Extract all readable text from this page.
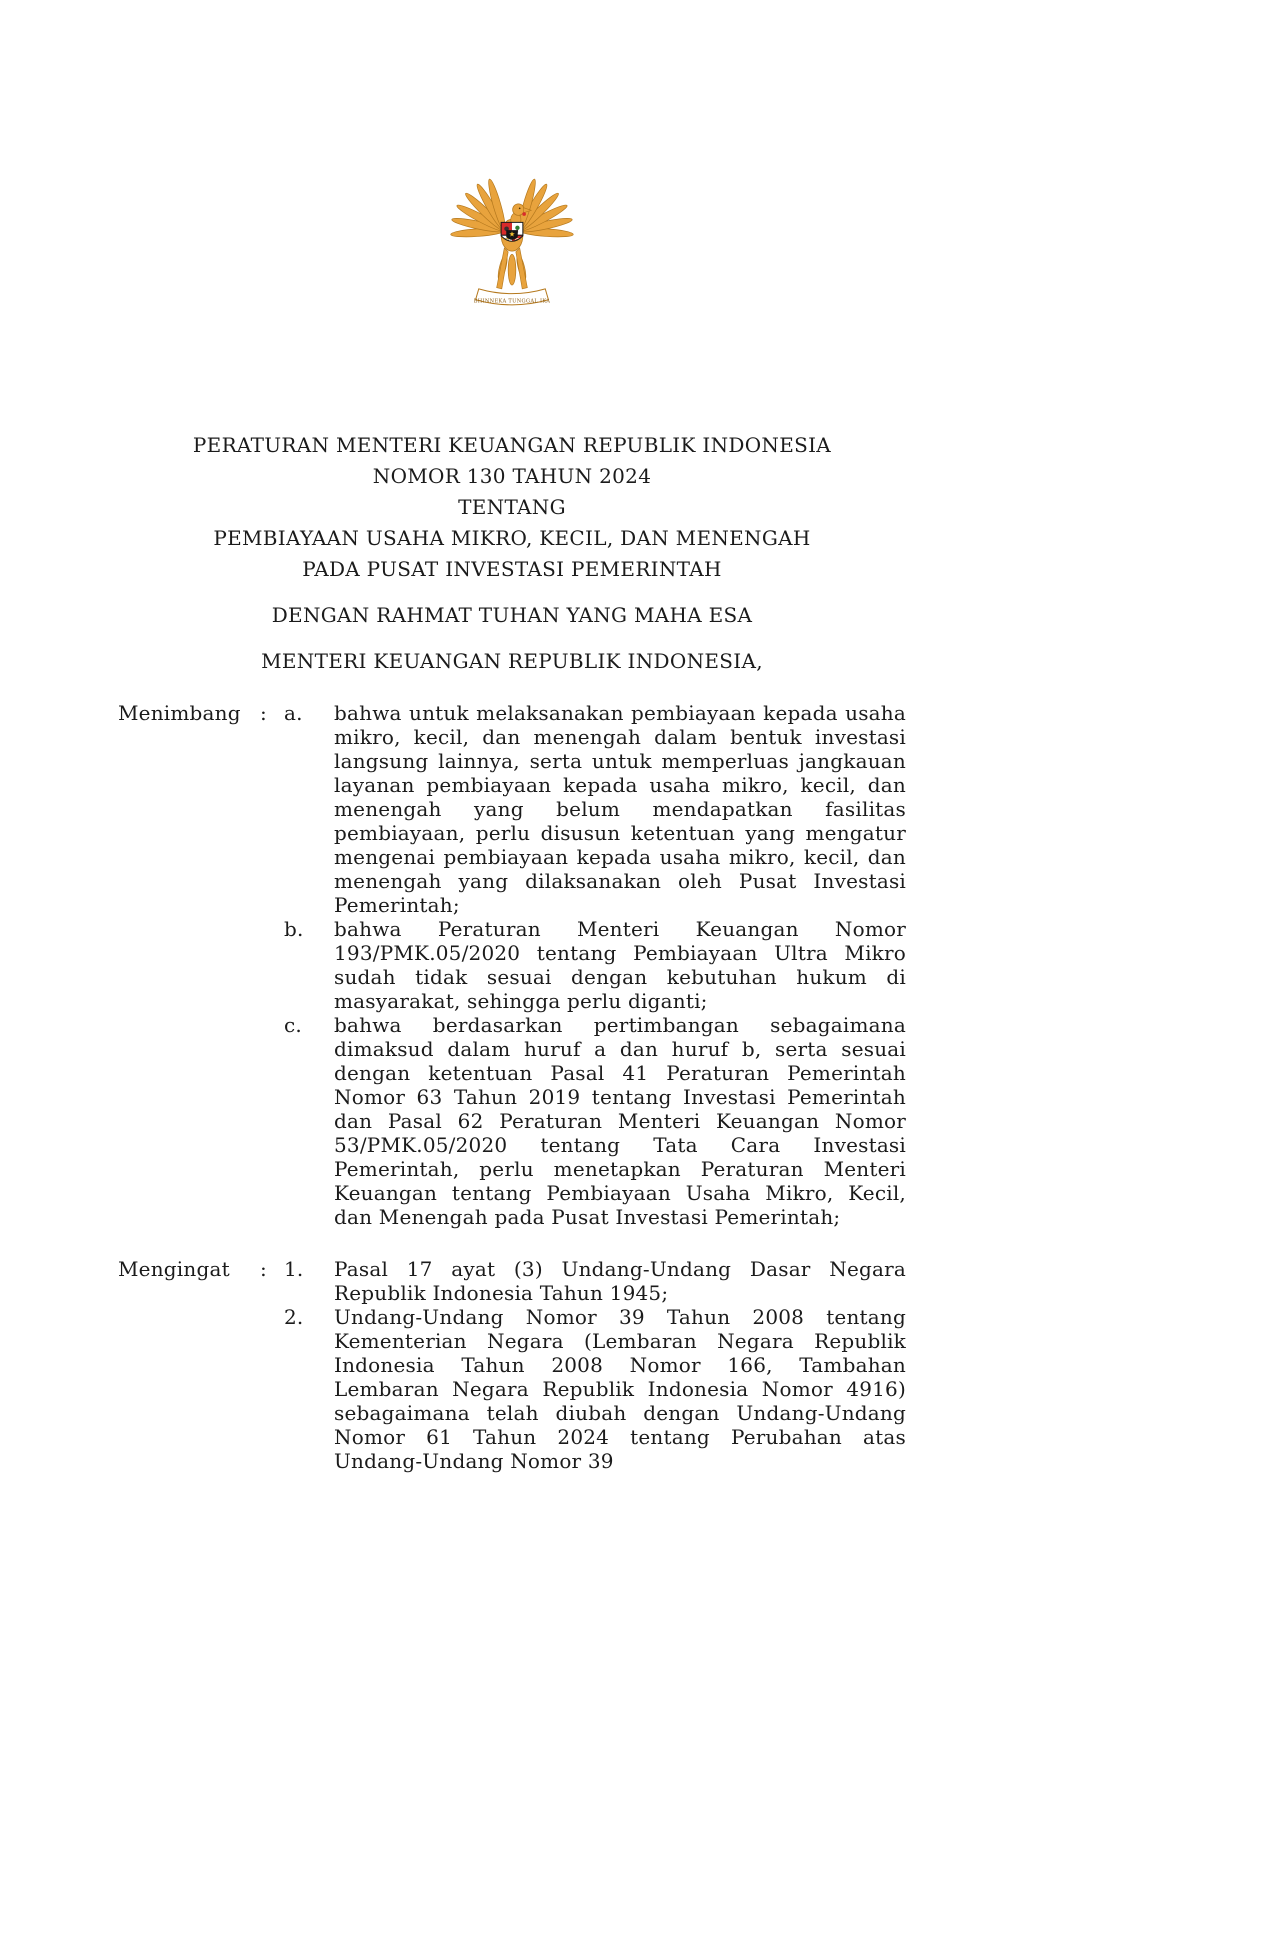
BHINNEKA TUNGGAL IKA
PERATURAN MENTERI KEUANGAN REPUBLIK INDONESIA
NOMOR 130 TAHUN 2024
TENTANG
PEMBIAYAAN USAHA MIKRO, KECIL, DAN MENENGAH
PADA PUSAT INVESTASI PEMERINTAH
DENGAN RAHMAT TUHAN YANG MAHA ESA
MENTERI KEUANGAN REPUBLIK INDONESIA,
Menimbang : a.	bahwa untuk melaksanakan pembiayaan kepada usaha mikro, kecil, dan menengah dalam bentuk investasi langsung lainnya, serta untuk memperluas jangkauan layanan pembiayaan kepada usaha mikro, kecil, dan menengah yang belum mendapatkan fasilitas pembiayaan, perlu disusun ketentuan yang mengatur mengenai pembiayaan kepada usaha mikro, kecil, dan menengah yang dilaksanakan oleh Pusat Investasi Pemerintah;
b.	bahwa Peraturan Menteri Keuangan Nomor 193/PMK.05/2020 tentang Pembiayaan Ultra Mikro sudah tidak sesuai dengan kebutuhan hukum di masyarakat, sehingga perlu diganti;
c.	bahwa berdasarkan pertimbangan sebagaimana dimaksud dalam huruf a dan huruf b, serta sesuai dengan ketentuan Pasal 41 Peraturan Pemerintah Nomor 63 Tahun 2019 tentang Investasi Pemerintah dan Pasal 62 Peraturan Menteri Keuangan Nomor 53/PMK.05/2020 tentang Tata Cara Investasi Pemerintah, perlu menetapkan Peraturan Menteri Keuangan tentang Pembiayaan Usaha Mikro, Kecil, dan Menengah pada Pusat Investasi Pemerintah;
Mengingat	: 1.	Pasal 17 ayat (3) Undang-Undang Dasar Negara Republik Indonesia Tahun 1945;
2.	Undang-Undang Nomor 39 Tahun 2008 tentang Kementerian Negara (Lembaran Negara Republik Indonesia Tahun 2008 Nomor 166, Tambahan Lembaran Negara Republik Indonesia Nomor 4916) sebagaimana telah diubah dengan Undang-Undang Nomor 61 Tahun 2024 tentang Perubahan atas Undang-Undang Nomor 39
